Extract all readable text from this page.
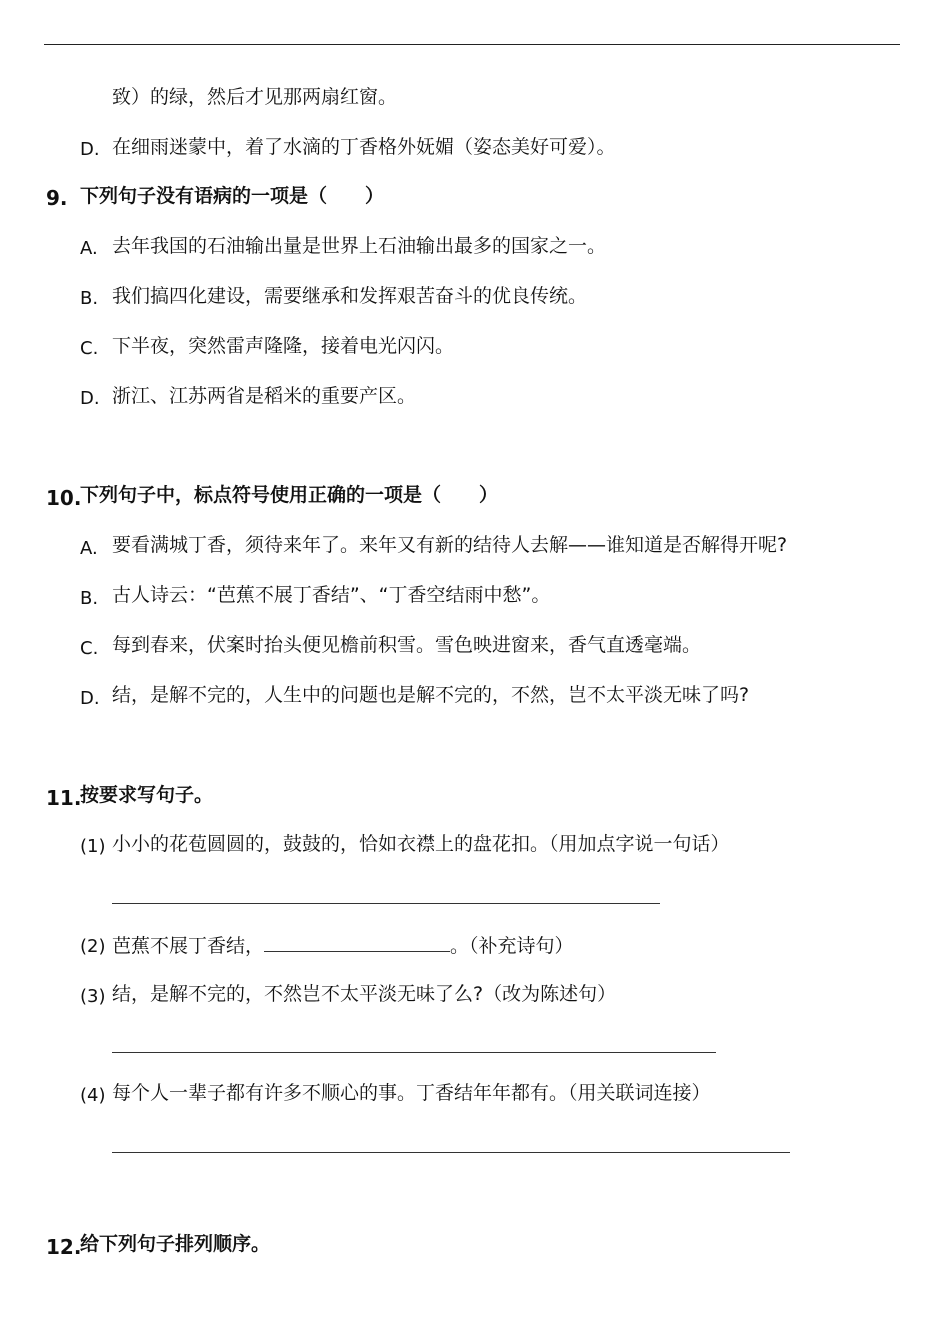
致）的绿，然后才见那两扇红窗。
D. 在细雨迷蒙中，着了水滴的丁香格外妩媚（姿态美好可爱）。
9. 下列句子没有语病的一项是（　　）
A. 去年我国的石油输出量是世界上石油输出最多的国家之一。
B. 我们搞四化建设，需要继承和发挥艰苦奋斗的优良传统。
C. 下半夜，突然雷声隆隆，接着电光闪闪。
D. 浙江、江苏两省是稻米的重要产区。
10.
下列句子中，标点符号使用正确的一项是（　　）
A. 要看满城丁香，须待来年了。来年又有新的结待人去解——谁知道是否解得开呢?
B. 古人诗云：“芭蕉不展丁香结”、“丁香空结雨中愁”。
C. 每到春来，伏案时抬头便见檐前积雪。雪色映进窗来，香气直透毫端。
D. 结，是解不完的，人生中的问题也是解不完的，不然，岂不太平淡无味了吗?
11.
按要求写句子。
(1) 小小的花苞圆圆的，鼓鼓的，恰如衣襟上的盘花扣。（用加点字说一句话）
(2) 芭蕉不展丁香结，	。（补充诗句）
(3) 结，是解不完的，不然岂不太平淡无味了么?（改为陈述句）
(4) 每个人一辈子都有许多不顺心的事。丁香结年年都有。（用关联词连接）
12.
给下列句子排列顺序。
